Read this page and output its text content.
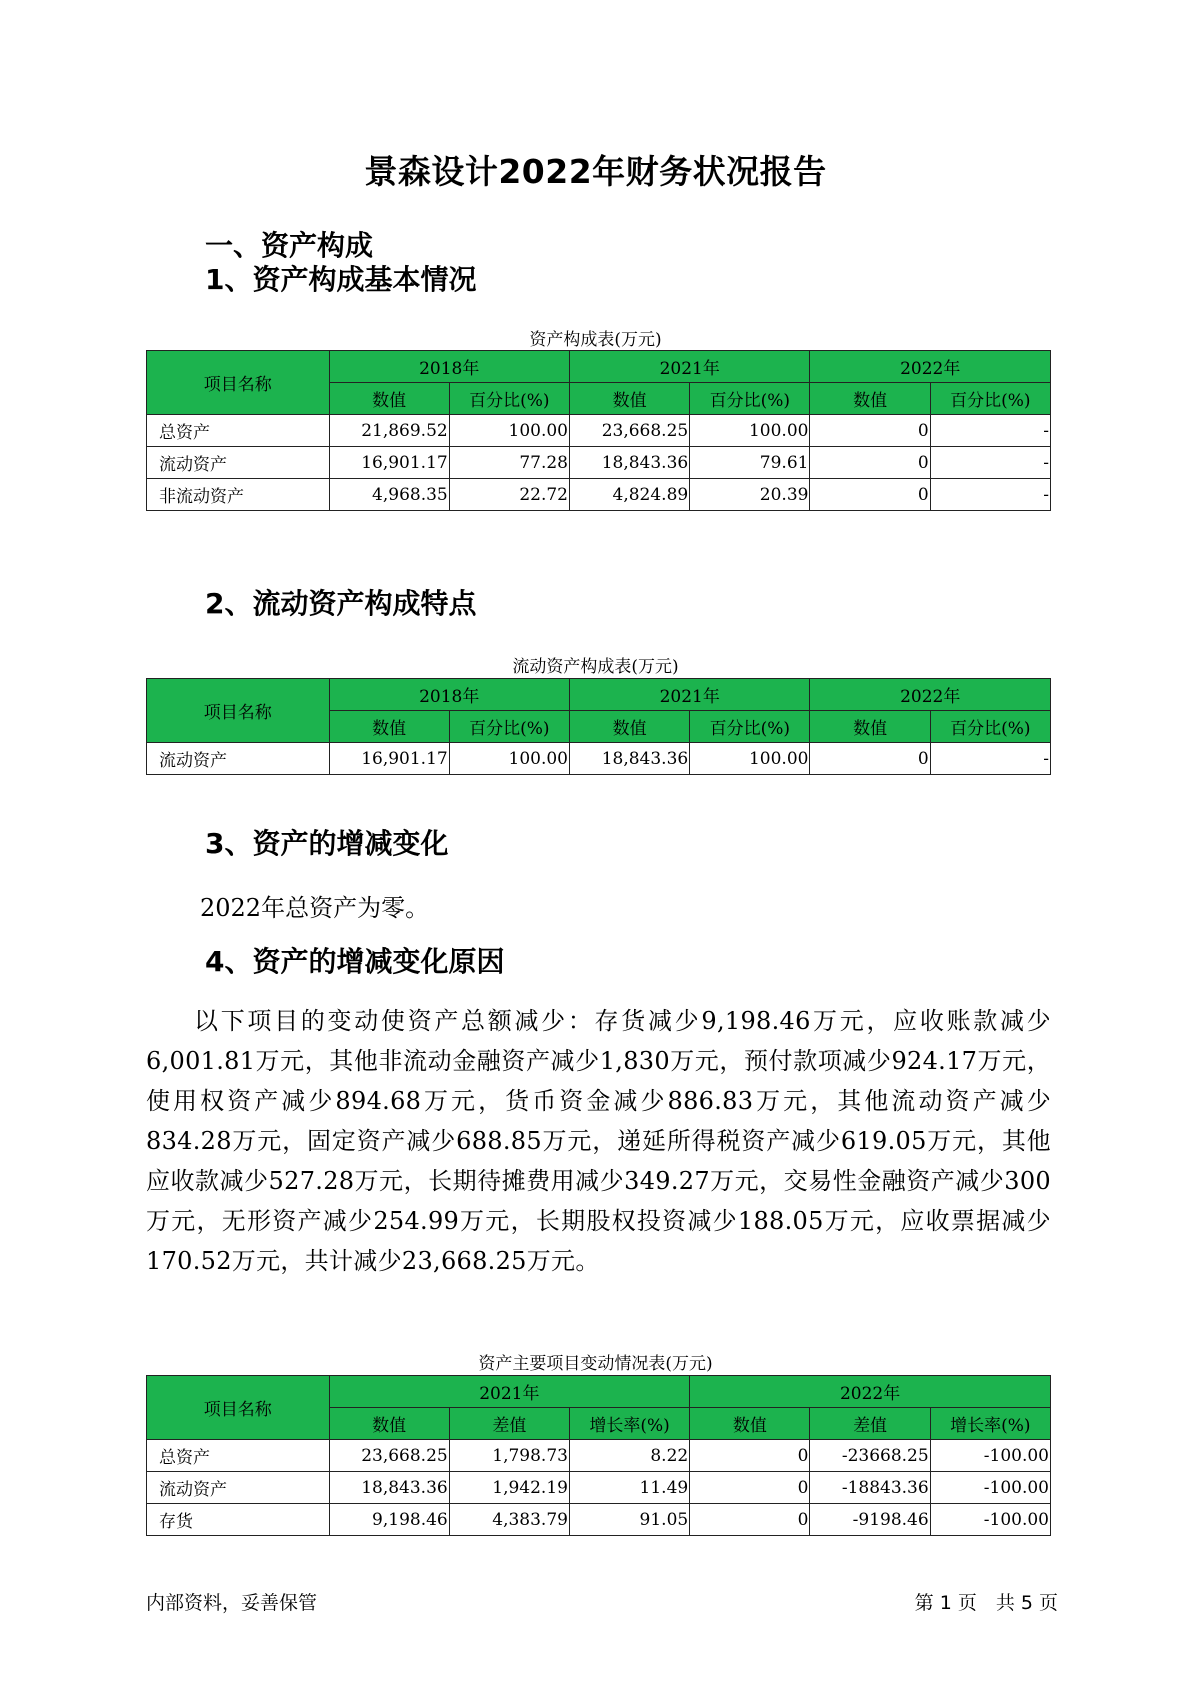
景森设计2022年财务状况报告
一、资产构成
1、资产构成基本情况
资产构成表(万元)
项目名称	2018年		2021年		2022年	
	数值	百分比(%)	数值	百分比(%)	数值	百分比(%)
总资产	21,869.52	100.00	23,668.25	100.00	0	-
流动资产	16,901.17	77.28	18,843.36	79.61	0	-
非流动资产	4,968.35	22.72	4,824.89	20.39	0	-
2、流动资产构成特点
流动资产构成表(万元)
项目名称	2018年		2021年		2022年	
	数值	百分比(%)	数值	百分比(%)	数值	百分比(%)
流动资产	16,901.17	100.00	18,843.36	100.00	0	-
3、资产的增减变化
2022年总资产为零。
4、资产的增减变化原因
以下项目的变动使资产总额减少：存货减少9,198.46万元，应收账款减少6,001.81万元，其他非流动金融资产减少1,830万元，预付款项减少924.17万元，使用权资产减少894.68万元，货币资金减少886.83万元，其他流动资产减少834.28万元，固定资产减少688.85万元，递延所得税资产减少619.05万元，其他应收款减少527.28万元，长期待摊费用减少349.27万元，交易性金融资产减少300万元，无形资产减少254.99万元，长期股权投资减少188.05万元，应收票据减少170.52万元，共计减少23,668.25万元。
资产主要项目变动情况表(万元)
项目名称	2021年			2022年		
	数值	差值	增长率(%)	数值	差值	增长率(%)
总资产	23,668.25	1,798.73	8.22	0	-23668.25	-100.00
流动资产	18,843.36	1,942.19	11.49	0	-18843.36	-100.00
存货	9,198.46	4,383.79	91.05	0	-9198.46	-100.00
内部资料，妥善保管	第 1 页　共 5 页
